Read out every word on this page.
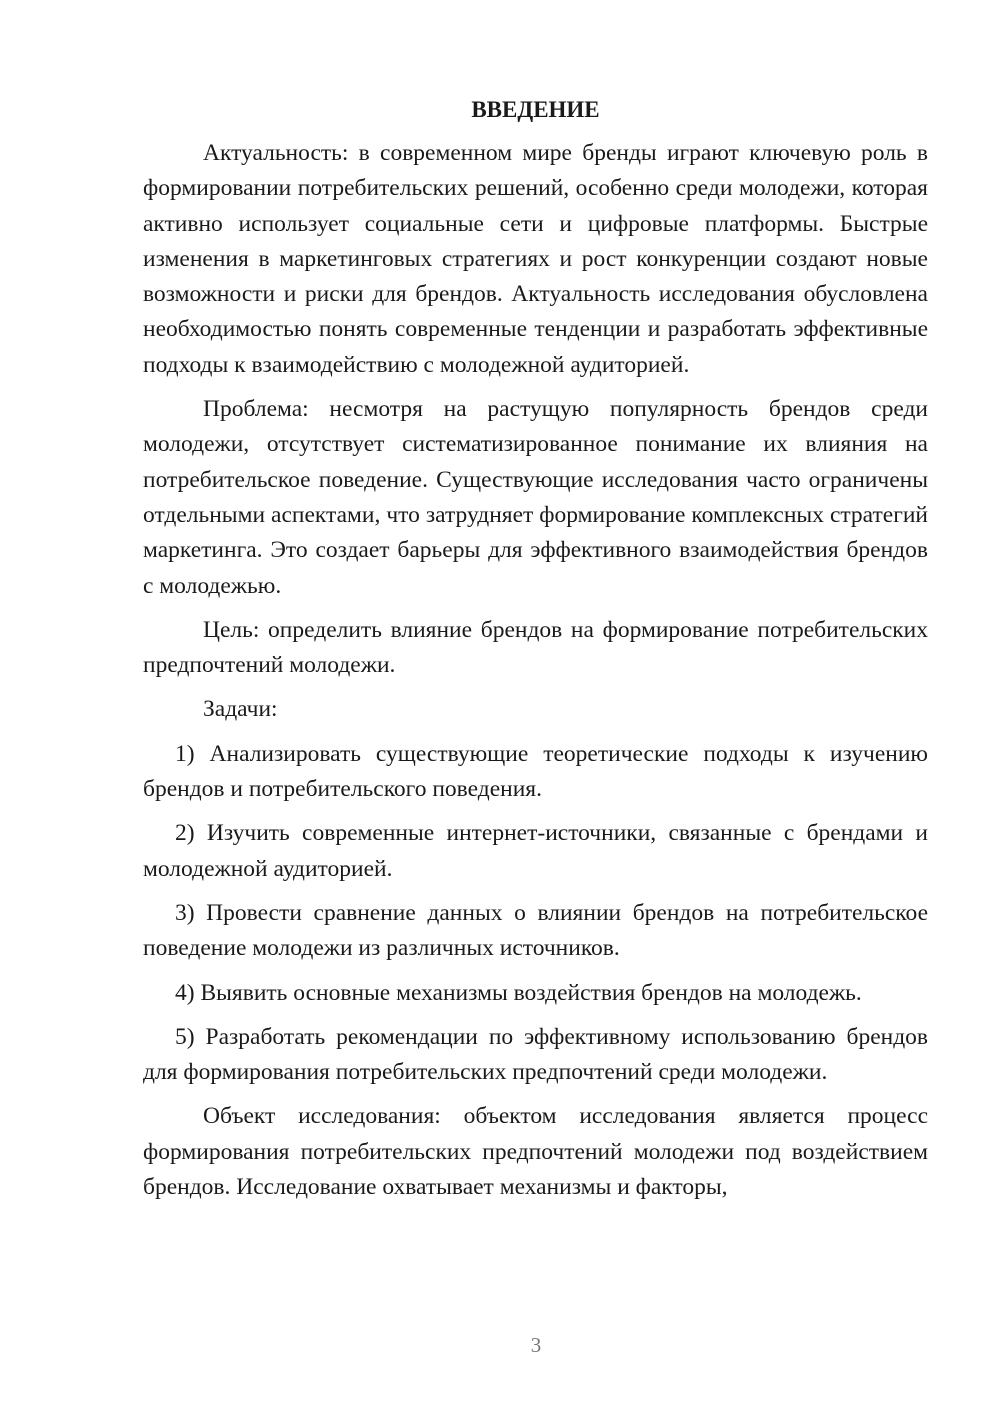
ВВЕДЕНИЕ

Актуальность: в современном мире бренды играют ключевую роль в формировании потребительских решений, особенно среди молодежи, которая активно использует социальные сети и цифровые платформы. Быстрые изменения в маркетинговых стратегиях и рост конкуренции создают новые возможности и риски для брендов. Актуальность исследования обусловлена необходимостью понять современные тенденции и разработать эффективные подходы к взаимодействию с молодежной аудиторией.

Проблема: несмотря на растущую популярность брендов среди молодежи, отсутствует систематизированное понимание их влияния на потребительское поведение. Существующие исследования часто ограничены отдельными аспектами, что затрудняет формирование комплексных стратегий маркетинга. Это создает барьеры для эффективного взаимодействия брендов с молодежью.

Цель: определить влияние брендов на формирование потребительских предпочтений молодежи.

Задачи:

1) Анализировать существующие теоретические подходы к изучению брендов и потребительского поведения.

2) Изучить современные интернет-источники, связанные с брендами и молодежной аудиторией.

3) Провести сравнение данных о влиянии брендов на потребительское поведение молодежи из различных источников.

4) Выявить основные механизмы воздействия брендов на молодежь.

5) Разработать рекомендации по эффективному использованию брендов для формирования потребительских предпочтений среди молодежи.

Объект исследования: объектом исследования является процесс формирования потребительских предпочтений молодежи под воздействием брендов. Исследование охватывает механизмы и факторы,

3
